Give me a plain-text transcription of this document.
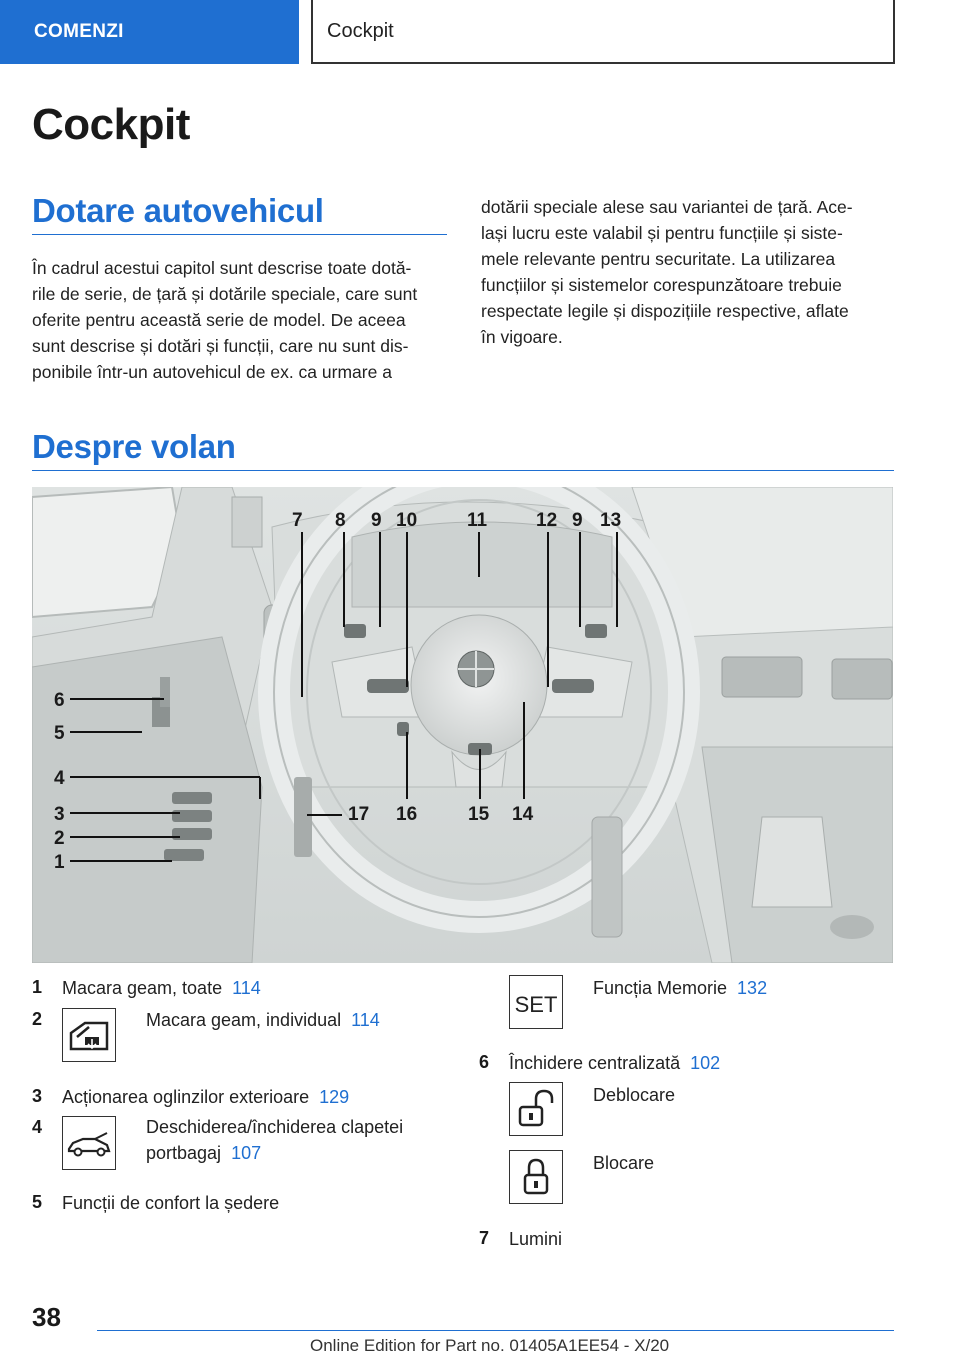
COMENZI	Cockpit
Cockpit
Dotare autovehicul
În cadrul acestui capitol sunt descrise toate dotă-
rile de serie, de țară și dotările speciale, care sunt
oferite pentru această serie de model. De aceea
sunt descrise și dotări și funcții, care nu sunt dis-
ponibile într-un autovehicul de ex. ca urmare a
dotării speciale alese sau variantei de țară. Ace-
lași lucru este valabil și pentru funcțiile și siste-
mele relevante pentru securitate. La utilizarea
funcțiilor și sistemelor corespunzătoare trebuie
respectate legile și dispozițiile respective, aflate
în vigoare.
Despre volan
1
2
3
4
5
6
7 8 9 10	11	12 9 13
14
15
16
17
1	Macara geam, toate 114
2	Macara geam, individual 114
3	Acționarea oglinzilor exterioare 129
4	Deschiderea/închiderea clapetei
portbagaj 107
5	Funcții de confort la ședere
SET
Funcția Memorie 132
6	Închidere centralizată 102
Deblocare
Blocare
7	Lumini
38
Online Edition for Part no. 01405A1EE54 - X/20
